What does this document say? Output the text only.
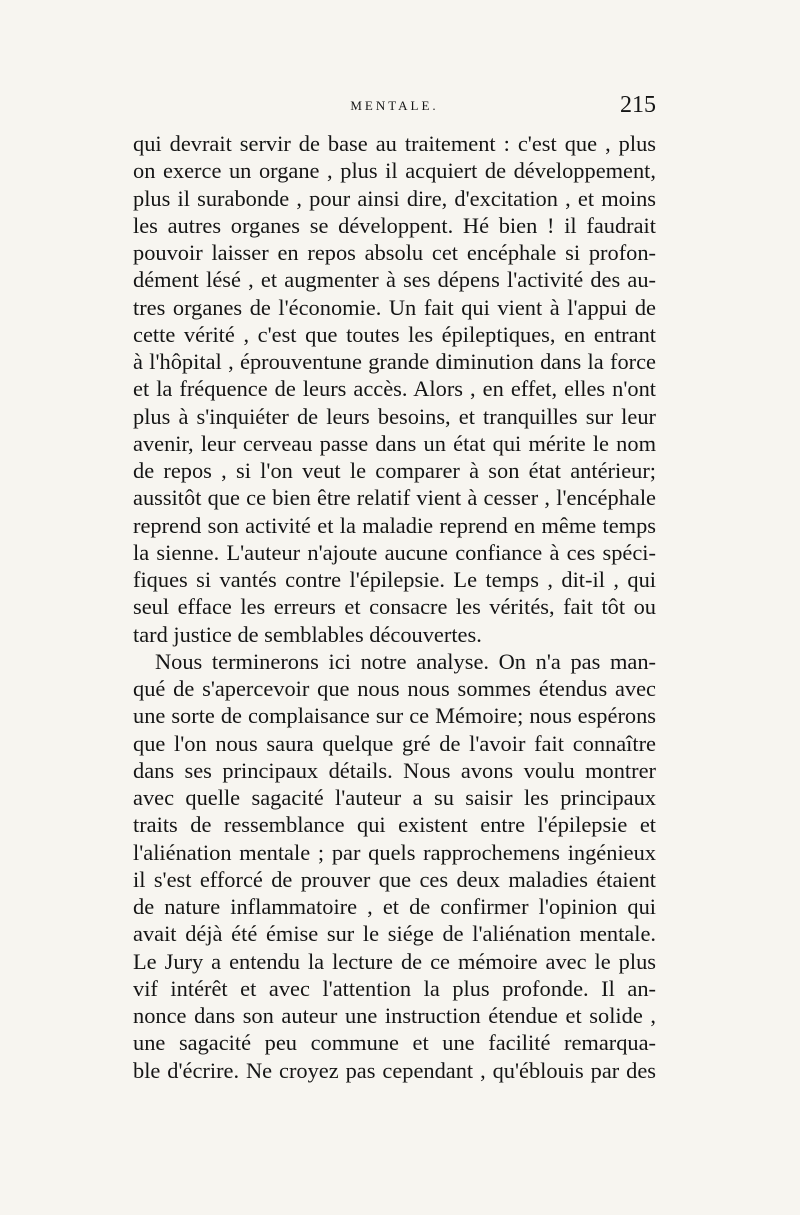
MENTALE.	215
qui devrait servir de base au traitement : c'est que , plus
on exerce un organe , plus il acquiert de développement,
plus il surabonde , pour ainsi dire, d'excitation , et moins
les autres organes se développent. Hé bien ! il faudrait
pouvoir laisser en repos absolu cet encéphale si profon-
dément lésé , et augmenter à ses dépens l'activité des au-
tres organes de l'économie. Un fait qui vient à l'appui de
cette vérité , c'est que toutes les épileptiques, en entrant
à l'hôpital , éprouventune grande diminution dans la force
et la fréquence de leurs accès. Alors , en effet, elles n'ont
plus à s'inquiéter de leurs besoins, et tranquilles sur leur
avenir, leur cerveau passe dans un état qui mérite le nom
de repos , si l'on veut le comparer à son état antérieur;
aussitôt que ce bien être relatif vient à cesser , l'encéphale
reprend son activité et la maladie reprend en même temps
la sienne. L'auteur n'ajoute aucune confiance à ces spéci-
fiques si vantés contre l'épilepsie. Le temps , dit-il , qui
seul efface les erreurs et consacre les vérités, fait tôt ou
tard justice de semblables découvertes.
Nous terminerons ici notre analyse. On n'a pas man-
qué de s'apercevoir que nous nous sommes étendus avec
une sorte de complaisance sur ce Mémoire; nous espérons
que l'on nous saura quelque gré de l'avoir fait connaître
dans ses principaux détails. Nous avons voulu montrer
avec quelle sagacité l'auteur a su saisir les principaux
traits de ressemblance qui existent entre l'épilepsie et
l'aliénation mentale ; par quels rapprochemens ingénieux
il s'est efforcé de prouver que ces deux maladies étaient
de nature inflammatoire , et de confirmer l'opinion qui
avait déjà été émise sur le siége de l'aliénation mentale.
Le Jury a entendu la lecture de ce mémoire avec le plus
vif intérêt et avec l'attention la plus profonde. Il an-
nonce dans son auteur une instruction étendue et solide ,
une sagacité peu commune et une facilité remarqua-
ble d'écrire. Ne croyez pas cependant , qu'éblouis par des
